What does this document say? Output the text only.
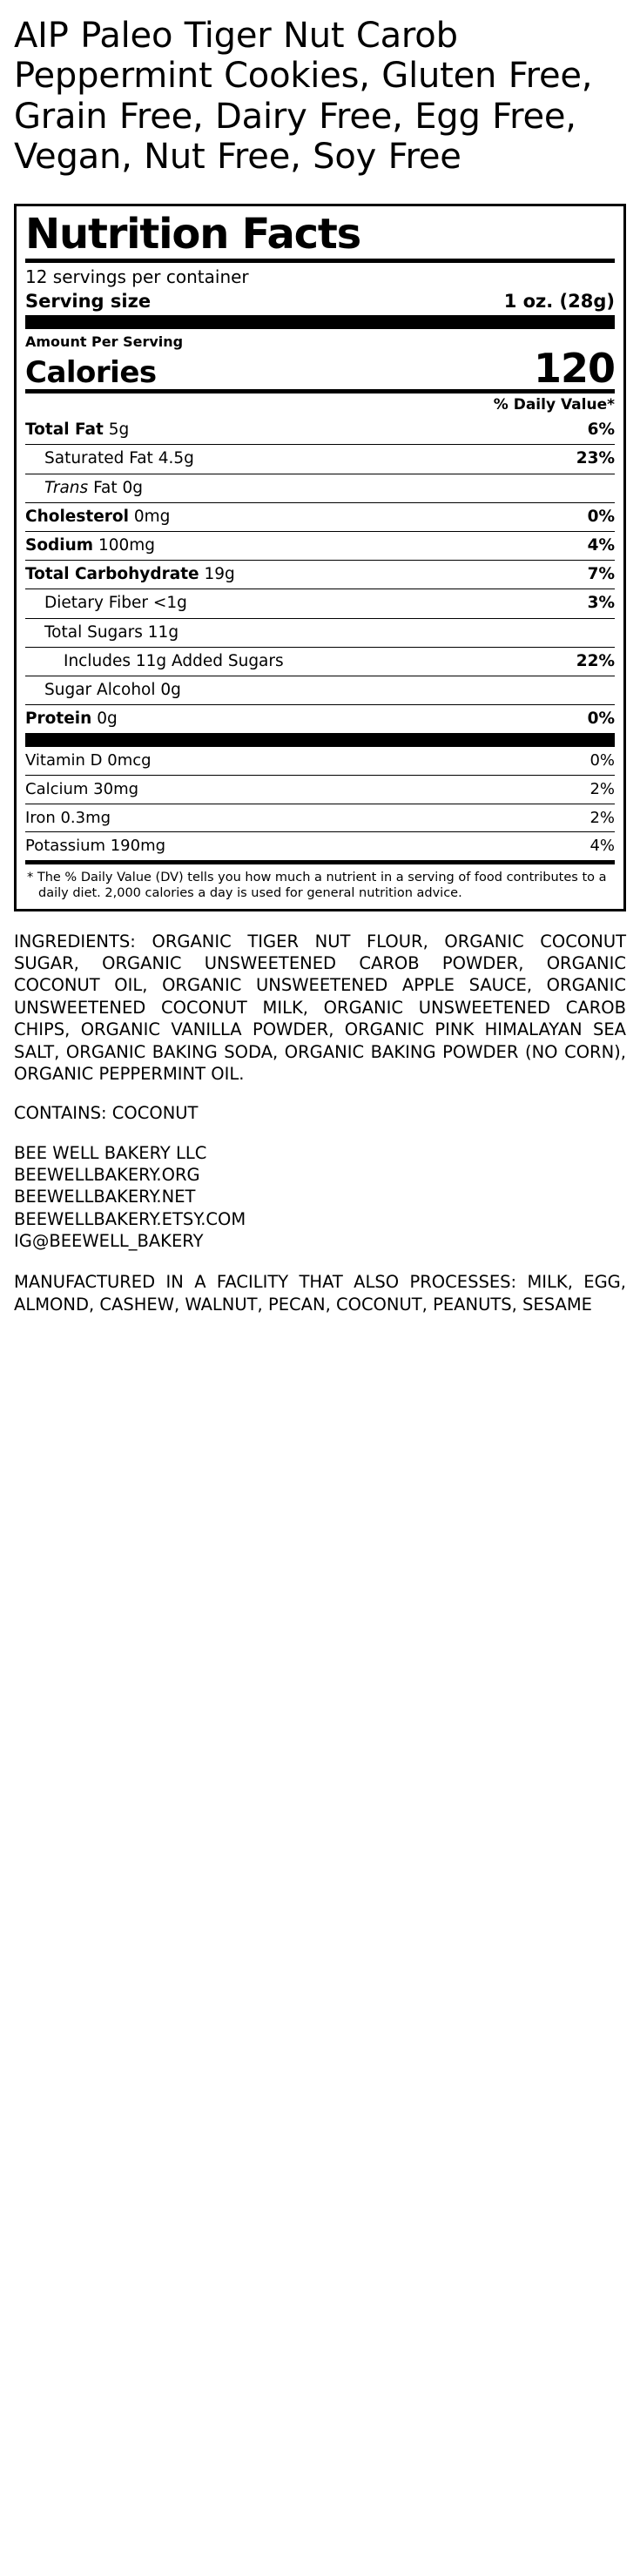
AIP Paleo Tiger Nut Carob Peppermint Cookies, Gluten Free, Grain Free, Dairy Free, Egg Free, Vegan, Nut Free, Soy Free
Nutrition Facts
12 servings per container
Serving size	1 oz. (28g)
Amount Per Serving
Calories	120
% Daily Value*
Total Fat 5g	6%
Saturated Fat 4.5g	23%
Trans Fat 0g
Cholesterol 0mg	0%
Sodium 100mg	4%
Total Carbohydrate 19g	7%
Dietary Fiber <1g	3%
Total Sugars 11g
Includes 11g Added Sugars	22%
Sugar Alcohol 0g
Protein 0g	0%
Vitamin D 0mcg	0%
Calcium 30mg	2%
Iron 0.3mg	2%
Potassium 190mg	4%
* The % Daily Value (DV) tells you how much a nutrient in a serving of food contributes to a daily diet. 2,000 calories a day is used for general nutrition advice.
INGREDIENTS: ORGANIC TIGER NUT FLOUR, ORGANIC COCONUT SUGAR, ORGANIC UNSWEETENED CAROB POWDER, ORGANIC COCONUT OIL, ORGANIC UNSWEETENED APPLE SAUCE, ORGANIC UNSWEETENED COCONUT MILK, ORGANIC UNSWEETENED CAROB CHIPS, ORGANIC VANILLA POWDER, ORGANIC PINK HIMALAYAN SEA SALT, ORGANIC BAKING SODA, ORGANIC BAKING POWDER (NO CORN), ORGANIC PEPPERMINT OIL.
CONTAINS: COCONUT
BEE WELL BAKERY LLC
BEEWELLBAKERY.ORG
BEEWELLBAKERY.NET
BEEWELLBAKERY.ETSY.COM
IG@BEEWELL_BAKERY
MANUFACTURED IN A FACILITY THAT ALSO PROCESSES: MILK, EGG, ALMOND, CASHEW, WALNUT, PECAN, COCONUT, PEANUTS, SESAME
